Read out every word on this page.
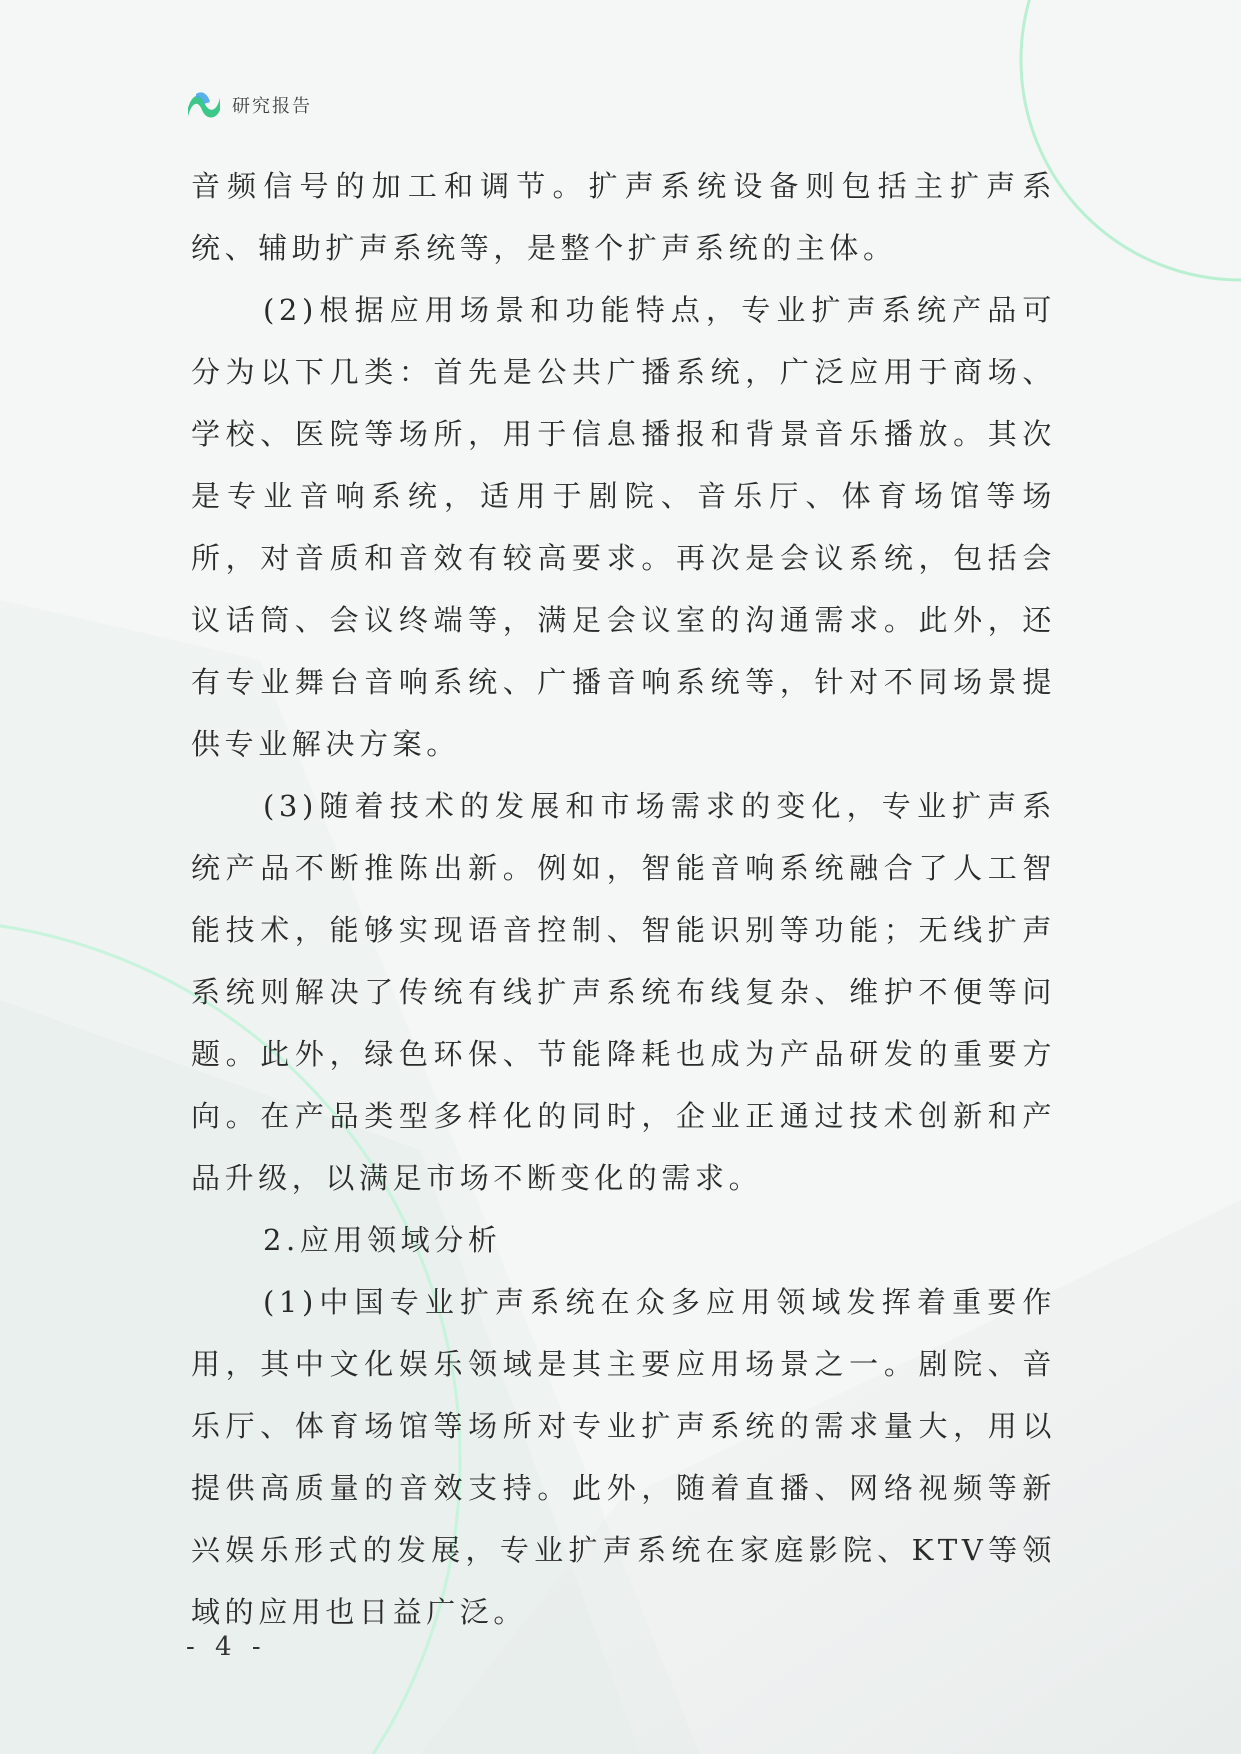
研究报告

音频信号的加工和调节。扩声系统设备则包括主扩声系统、辅助扩声系统等，是整个扩声系统的主体。

(2)根据应用场景和功能特点，专业扩声系统产品可分为以下几类：首先是公共广播系统，广泛应用于商场、学校、医院等场所，用于信息播报和背景音乐播放。其次是专业音响系统，适用于剧院、音乐厅、体育场馆等场所，对音质和音效有较高要求。再次是会议系统，包括会议话筒、会议终端等，满足会议室的沟通需求。此外，还有专业舞台音响系统、广播音响系统等，针对不同场景提供专业解决方案。

(3)随着技术的发展和市场需求的变化，专业扩声系统产品不断推陈出新。例如，智能音响系统融合了人工智能技术，能够实现语音控制、智能识别等功能；无线扩声系统则解决了传统有线扩声系统布线复杂、维护不便等问题。此外，绿色环保、节能降耗也成为产品研发的重要方向。在产品类型多样化的同时，企业正通过技术创新和产品升级，以满足市场不断变化的需求。

2.应用领域分析

(1)中国专业扩声系统在众多应用领域发挥着重要作用，其中文化娱乐领域是其主要应用场景之一。剧院、音乐厅、体育场馆等场所对专业扩声系统的需求量大，用以提供高质量的音效支持。此外，随着直播、网络视频等新兴娱乐形式的发展，专业扩声系统在家庭影院、KTV等领域的应用也日益广泛。

- 4 -
